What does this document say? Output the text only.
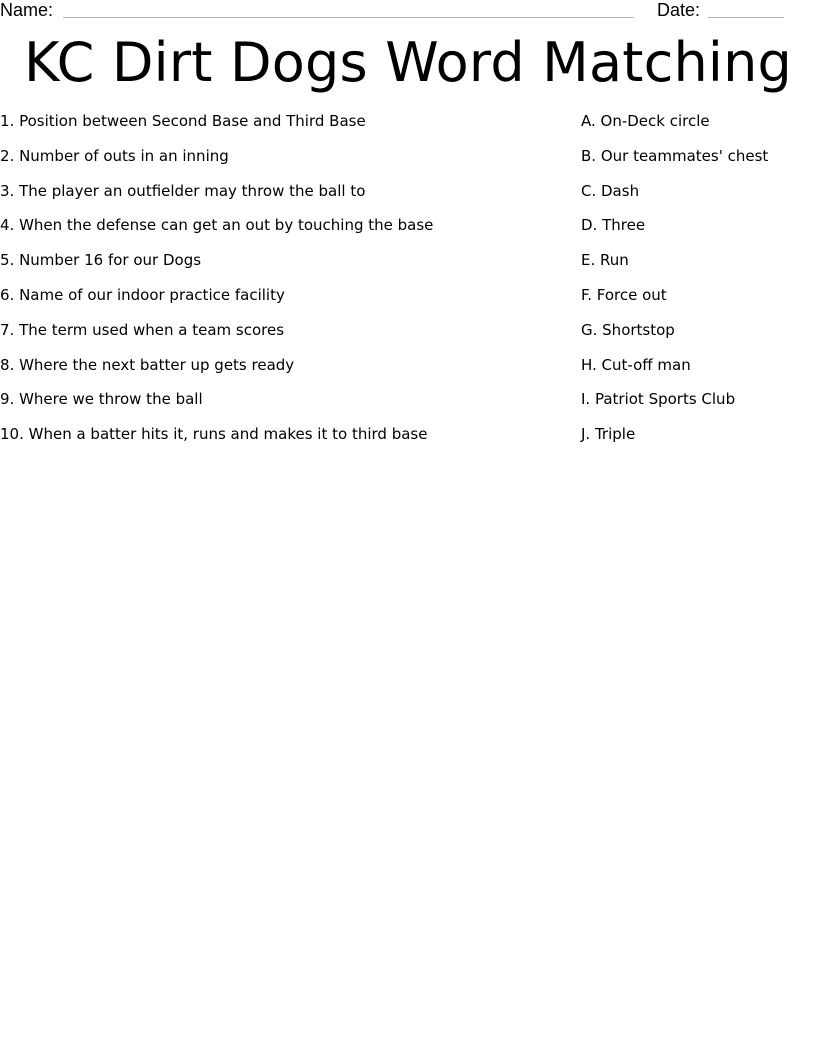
Name:	Date:
KC Dirt Dogs Word Matching
1. Position between Second Base and Third Base
2. Number of outs in an inning
3. The player an outfielder may throw the ball to
4. When the defense can get an out by touching the base
5. Number 16 for our Dogs
6. Name of our indoor practice facility
7. The term used when a team scores
8. Where the next batter up gets ready
9. Where we throw the ball
10. When a batter hits it, runs and makes it to third base
A. On-Deck circle
B. Our teammates' chest
C. Dash
D. Three
E. Run
F. Force out
G. Shortstop
H. Cut-off man
I. Patriot Sports Club
J. Triple
